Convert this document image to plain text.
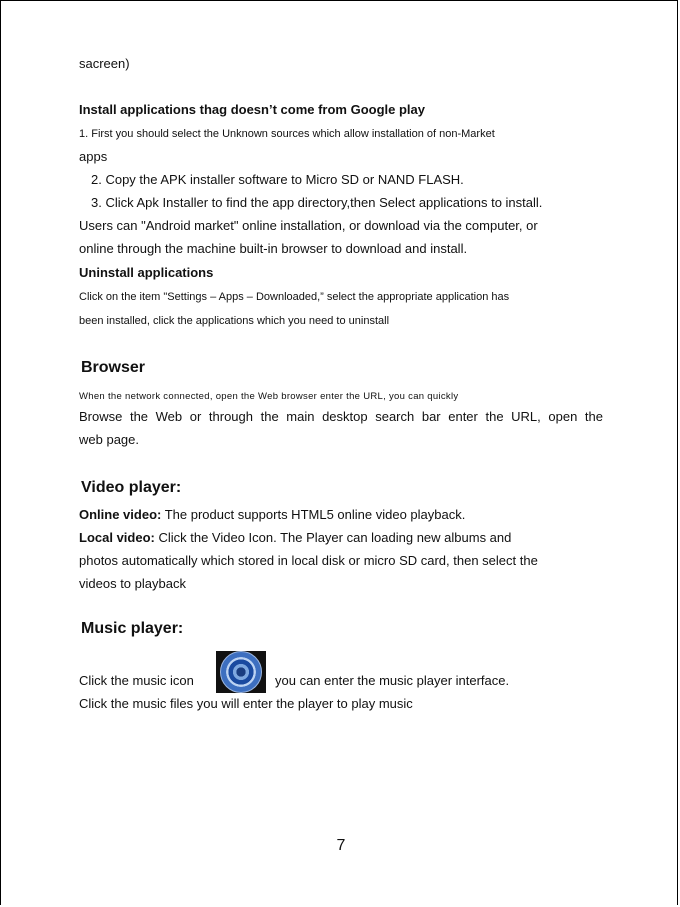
sacreen)
Install applications thag doesn’t come from Google play
1. First you should select the Unknown sources which allow installation of non-Market
apps
2. Copy the APK installer software to Micro SD or NAND FLASH.
3. Click Apk Installer to find the app directory,then Select applications to install.
Users can "Android market" online installation, or download via the computer, or
online through the machine built-in browser to download and install.
Uninstall applications
Click on the item "Settings – Apps – Downloaded,” select the appropriate application has
been installed, click the applications which you need to uninstall
Browser
When the network connected, open the Web browser enter the URL, you can quickly
Browse the Web or through the main desktop search bar enter the URL, open the
web page.
Video player:
Online video: The product supports HTML5 online video playback.
Local video: Click the Video Icon. The Player can loading new albums and
photos automatically which stored in local disk or micro SD card, then select the
videos to playback
Music player:
Click the music icon	you can enter the music player interface.
Click the music files you will enter the player to play music
7
